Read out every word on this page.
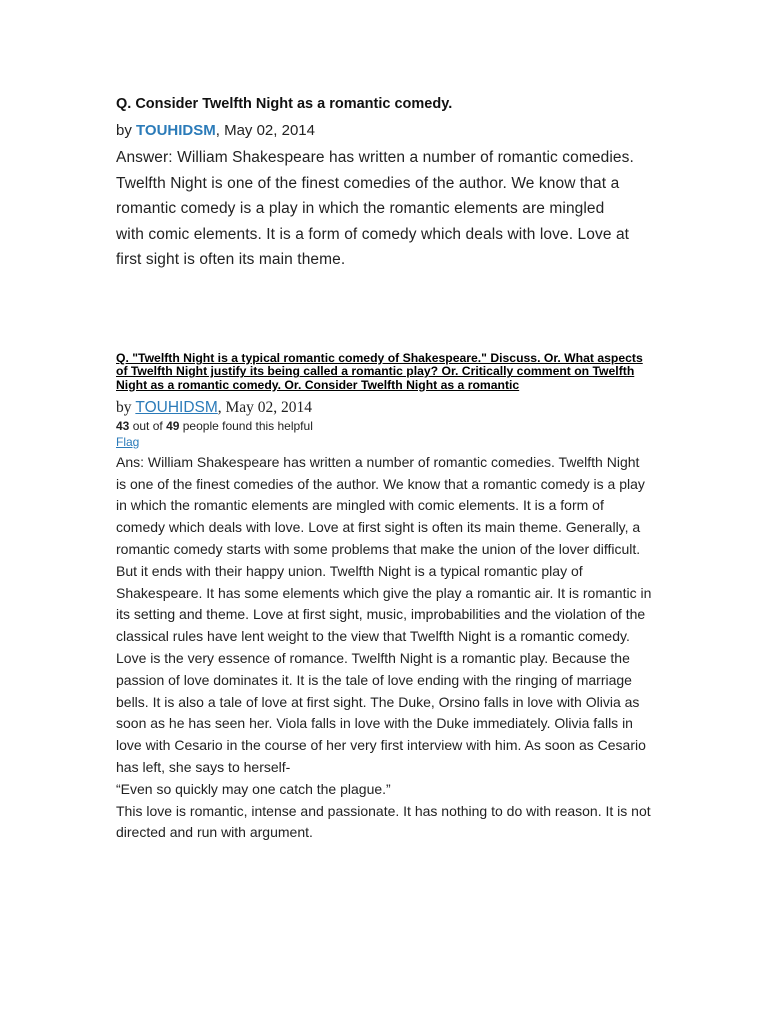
Q. Consider Twelfth Night as a romantic comedy.
by TOUHIDSM, May 02, 2014
Answer: William Shakespeare has written a number of romantic comedies. Twelfth Night is one of the finest comedies of the author. We know that a romantic comedy is a play in which the romantic elements are mingled with comic elements. It is a form of comedy which deals with love. Love at first sight is often its main theme.
Q. "Twelfth Night is a typical romantic comedy of Shakespeare." Discuss. Or. What aspects of Twelfth Night justify its being called a romantic play? Or. Critically comment on Twelfth Night as a romantic comedy. Or. Consider Twelfth Night as a romantic
by TOUHIDSM, May 02, 2014
43 out of 49 people found this helpful
Flag

Ans: William Shakespeare has written a number of romantic comedies. Twelfth Night is one of the finest comedies of the author. We know that a romantic comedy is a play in which the romantic elements are mingled with comic elements. It is a form of comedy which deals with love. Love at first sight is often its main theme. Generally, a romantic comedy starts with some problems that make the union of the lover difficult. But it ends with their happy union. Twelfth Night is a typical romantic play of Shakespeare. It has some elements which give the play a romantic air. It is romantic in its setting and theme. Love at first sight, music, improbabilities and the violation of the classical rules have lent weight to the view that Twelfth Night is a romantic comedy.

Love is the very essence of romance. Twelfth Night is a romantic play. Because the passion of love dominates it. It is the tale of love ending with the ringing of marriage bells. It is also a tale of love at first sight. The Duke, Orsino falls in love with Olivia as soon as he has seen her. Viola falls in love with the Duke immediately. Olivia falls in love with Cesario in the course of her very first interview with him. As soon as Cesario has left, she says to herself-

“Even so quickly may one catch the plague.”

This love is romantic, intense and passionate. It has nothing to do with reason. It is not directed and run with argument.
